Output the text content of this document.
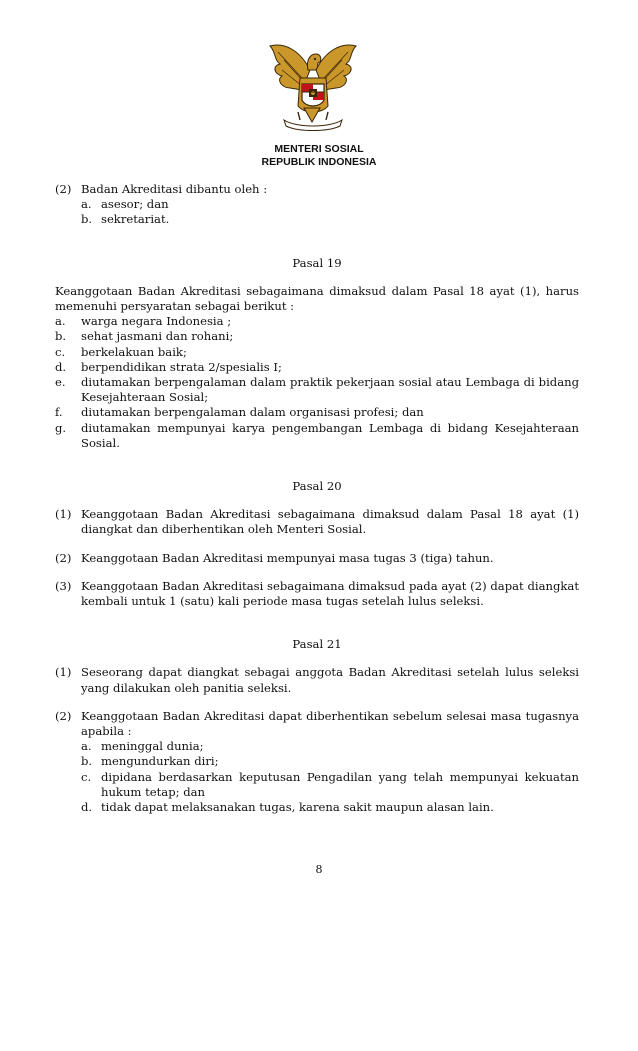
MENTERI SOSIAL
REPUBLIK INDONESIA
(2) Badan Akreditasi dibantu oleh :
a. asesor; dan
b. sekretariat.
Pasal 19
Keanggotaan Badan Akreditasi sebagaimana dimaksud dalam Pasal 18 ayat (1), harus memenuhi persyaratan sebagai berikut :
a.	warga negara Indonesia ;
b.	sehat jasmani dan rohani;
c.	berkelakuan baik;
d.	berpendidikan strata 2/spesialis I;
e.	diutamakan berpengalaman dalam praktik pekerjaan sosial atau Lembaga di bidang Kesejahteraan Sosial;
f.	diutamakan berpengalaman dalam organisasi profesi; dan
g.	diutamakan mempunyai karya pengembangan Lembaga di bidang Kesejahteraan Sosial.
Pasal 20
(1) Keanggotaan Badan Akreditasi sebagaimana dimaksud dalam Pasal 18 ayat (1) diangkat dan diberhentikan oleh Menteri Sosial.
(2) Keanggotaan Badan Akreditasi mempunyai masa tugas 3 (tiga) tahun.
(3) Keanggotaan Badan Akreditasi sebagaimana dimaksud pada ayat (2) dapat diangkat kembali untuk 1 (satu) kali periode masa tugas setelah lulus seleksi.
Pasal 21
(1) Seseorang dapat diangkat sebagai anggota Badan Akreditasi setelah lulus seleksi yang dilakukan oleh panitia seleksi.
(2) Keanggotaan Badan Akreditasi dapat diberhentikan sebelum selesai masa tugasnya apabila :
a. meninggal dunia;
b. mengundurkan diri;
c. dipidana berdasarkan keputusan Pengadilan yang telah mempunyai kekuatan hukum tetap; dan
d. tidak dapat melaksanakan tugas, karena sakit maupun alasan lain.
8
